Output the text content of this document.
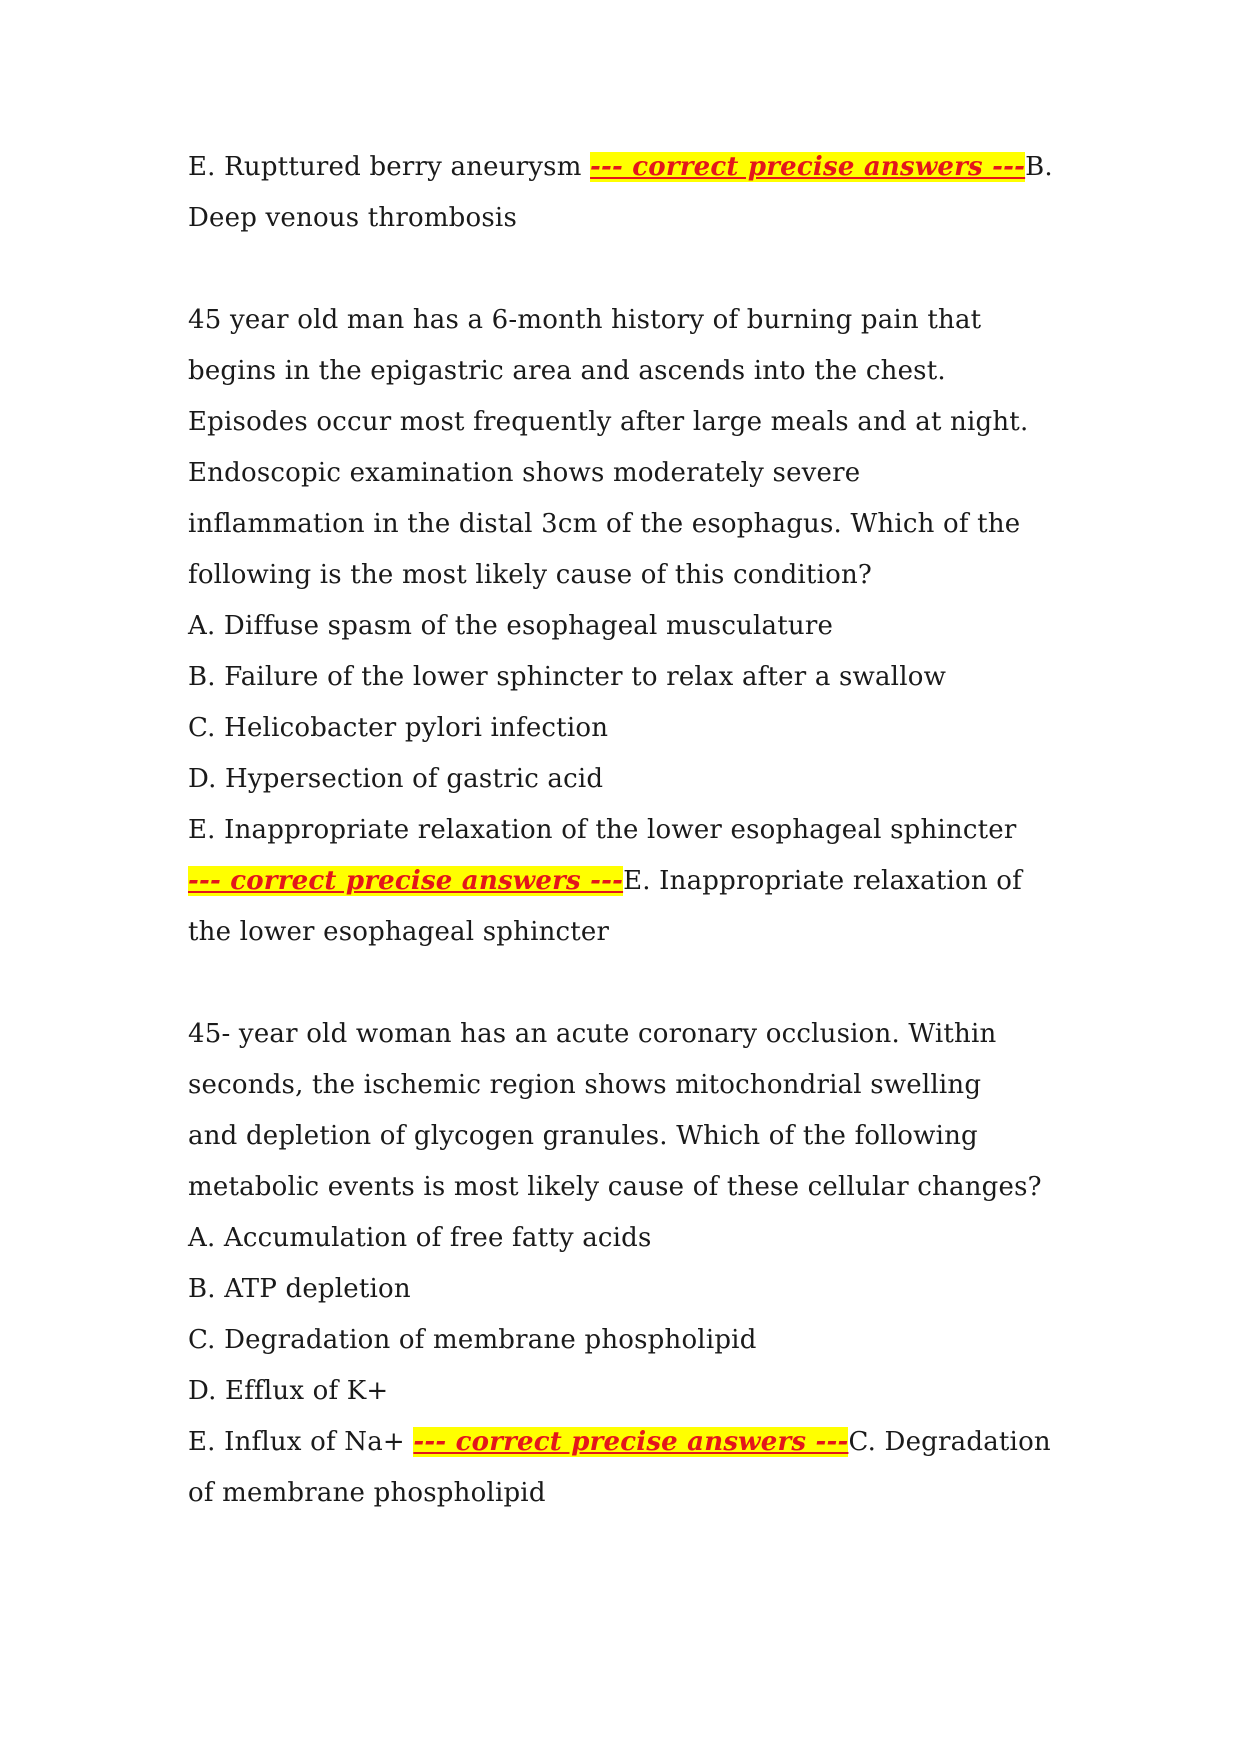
E. Rupttured berry aneurysm --- correct precise answers ---B.
Deep venous thrombosis
45 year old man has a 6-month history of burning pain that
begins in the epigastric area and ascends into the chest.
Episodes occur most frequently after large meals and at night.
Endoscopic examination shows moderately severe
inflammation in the distal 3cm of the esophagus. Which of the
following is the most likely cause of this condition?
A. Diffuse spasm of the esophageal musculature
B. Failure of the lower sphincter to relax after a swallow
C. Helicobacter pylori infection
D. Hypersection of gastric acid
E. Inappropriate relaxation of the lower esophageal sphincter
--- correct precise answers ---E. Inappropriate relaxation of
the lower esophageal sphincter
45- year old woman has an acute coronary occlusion. Within
seconds, the ischemic region shows mitochondrial swelling
and depletion of glycogen granules. Which of the following
metabolic events is most likely cause of these cellular changes?
A. Accumulation of free fatty acids
B. ATP depletion
C. Degradation of membrane phospholipid
D. Efflux of K+
E. Influx of Na+ --- correct precise answers ---C. Degradation
of membrane phospholipid
